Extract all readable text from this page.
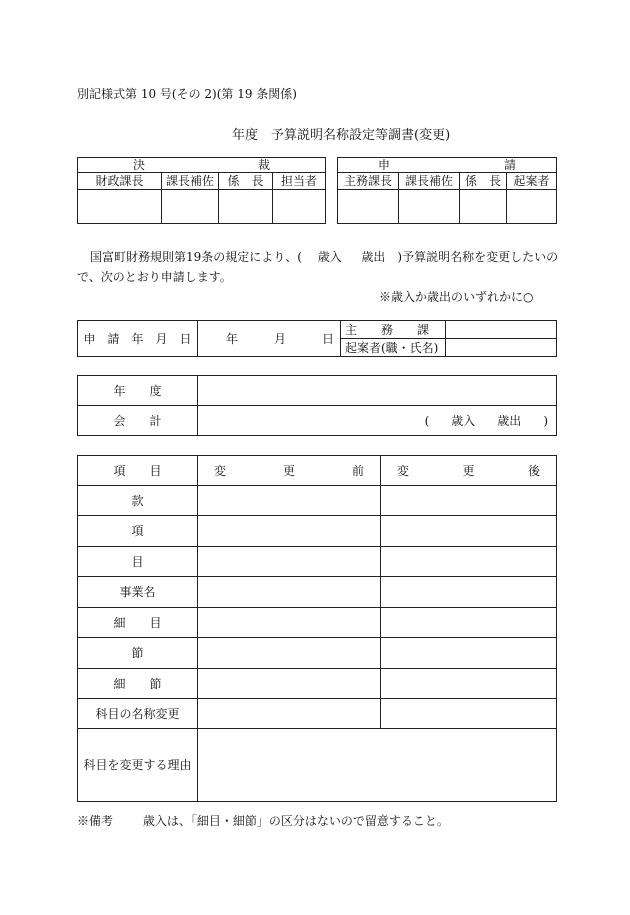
別記様式第 10 号(その 2)(第 19 条関係)
年度　予算説明名称設定等調書(変更)
決 裁			

財政課長	課長補佐	係　長	担当者

申 請			

主務課長	課長補佐	係　長	起案者

国富町財務規則第19条の規定により、(　 歳入 　 歳出　)予算説明名称を変更したいの
で、次のとおり申請します。
※歳入か歳出のいずれかに○
申　請　年　月　日	年 月 日	主　　務　　課	
		起案者(職・氏名)	
年　　度	
会　　計	( 歳入 歳出 )
項　　目	変 更 前	変 更 後

款		
項		
目		
事業名		
細　　目		
節		
細　　節		
科目の名称変更		
科目を変更する理由		
※備考 歳入は、「細目・細節」の区分はないので留意すること。
